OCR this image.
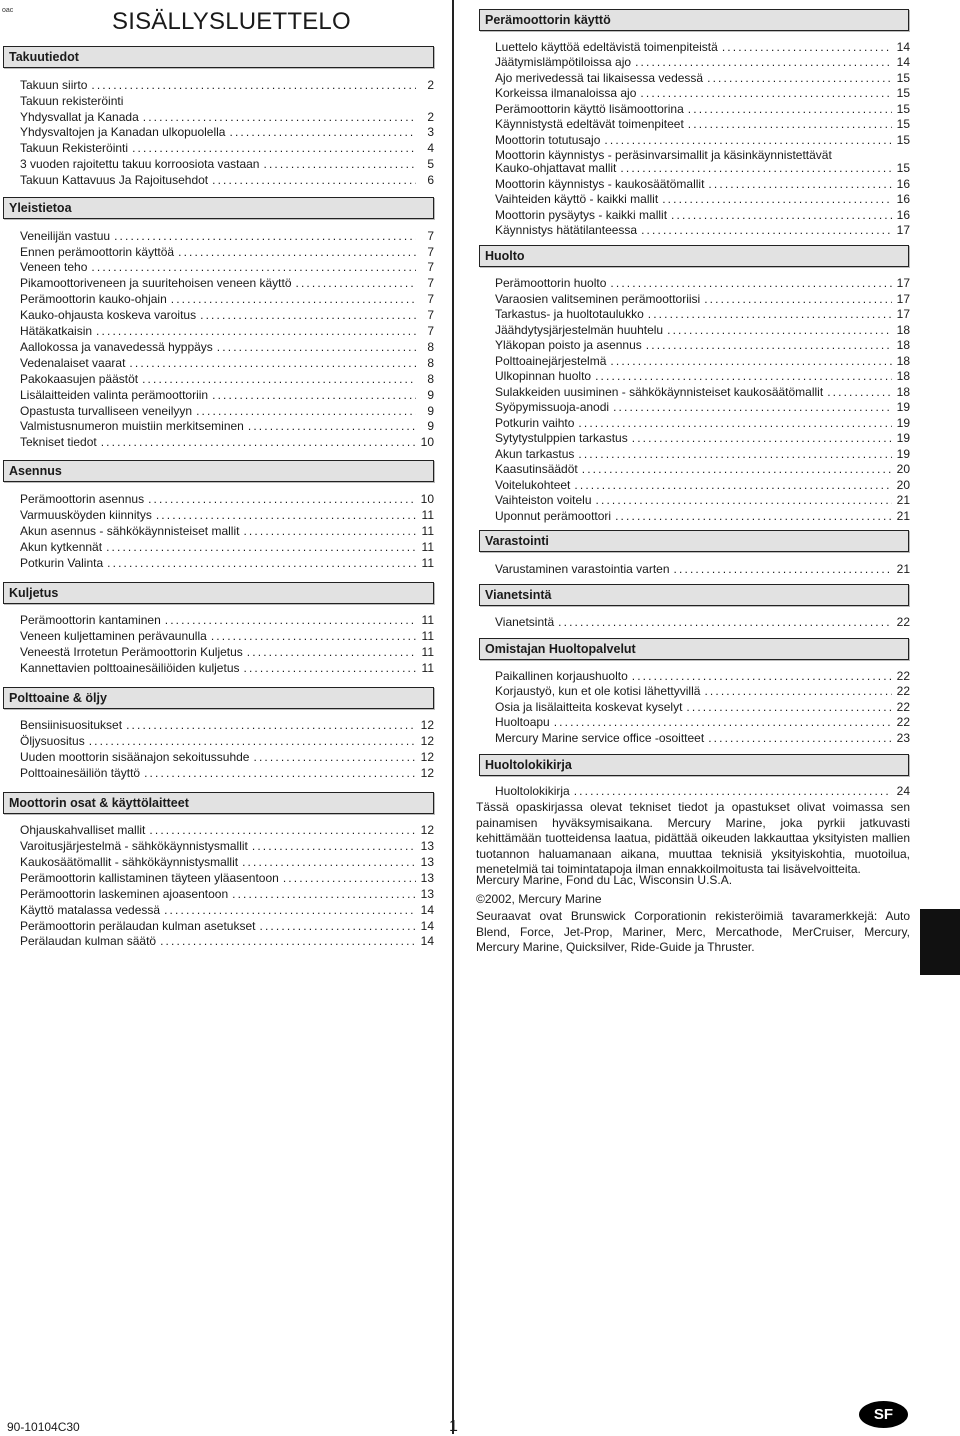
oac	SISÄLLYSLUETTELO
Takuutiedot
Takuun siirto . . .	2
Takuun rekisteröinti
Yhdysvallat ja Kanada . . .	2
Yhdysvaltojen ja Kanadan ulkopuolella . . .	3
Takuun Rekisteröinti . . .	4
3 vuoden rajoitettu takuu korroosiota vastaan . . .	5
Takuun Kattavuus Ja Rajoitusehdot . . .	6
Yleistietoa
Veneilijän vastuu . . .	7
Ennen perämoottorin käyttöä . . .	7
Veneen teho . . .	7
Pikamoottoriveneen ja suuritehoisen veneen käyttö . . .	7
Perämoottorin kauko-ohjain . . .	7
Kauko-ohjausta koskeva varoitus . . .	7
Hätäkatkaisin . . .	7
Aallokossa ja vanavedessä hyppäys . . .	8
Vedenalaiset vaarat . . .	8
Pakokaasujen päästöt . . .	8
Lisälaitteiden valinta perämoottoriin . . .	9
Opastusta turvalliseen veneilyyn . . .	9
Valmistusnumeron muistiin merkitseminen . . .	9
Tekniset tiedot . . .	10
Asennus
Perämoottorin asennus . . .	10
Varmuusköyden kiinnitys . . .	11
Akun asennus - sähkökäynnisteiset mallit . . .	11
Akun kytkennät . . .	11
Potkurin Valinta . . .	11
Kuljetus
Perämoottorin kantaminen . . .	11
Veneen kuljettaminen perävaunulla . . .	11
Veneestä Irrotetun Perämoottorin Kuljetus . . .	11
Kannettavien polttoainesäiliöiden kuljetus . . .	11
Polttoaine & öljy
Bensiinisuositukset . . .	12
Öljysuositus . . .	12
Uuden moottorin sisäänajon sekoitussuhde . . .	12
Polttoainesäiliön täyttö . . .	12
Moottorin osat & käyttölaitteet
Ohjauskahvalliset mallit . . .	12
Varoitusjärjestelmä - sähkökäynnistysmallit . . .	13
Kaukosäätömallit - sähkökäynnistysmallit . . .	13
Perämoottorin kallistaminen täyteen yläasentoon . . .	13
Perämoottorin laskeminen ajoasentoon . . .	13
Käyttö matalassa vedessä . . .	14
Perämoottorin perälaudan kulman asetukset . . .	14
Perälaudan kulman säätö . . .	14
Perämoottorin käyttö
Luettelo käyttöä edeltävistä toimenpiteistä . . .	14
Jäätymislämpötiloissa ajo . . .	14
Ajo merivedessä tai likaisessa vedessä . . .	15
Korkeissa ilmanaloissa ajo . . .	15
Perämoottorin käyttö lisämoottorina . . .	15
Käynnistystä edeltävät toimenpiteet . . .	15
Moottorin totutusajo . . .	15
Moottorin käynnistys - peräsinvarsimallit ja käsinkäynnistettävät
Kauko-ohjattavat mallit . . .	15
Moottorin käynnistys - kaukosäätömallit . . .	16
Vaihteiden käyttö - kaikki mallit . . .	16
Moottorin pysäytys - kaikki mallit . . .	16
Käynnistys hätätilanteessa . . .	17
Huolto
Perämoottorin huolto . . .	17
Varaosien valitseminen perämoottoriisi . . .	17
Tarkastus- ja huoltotaulukko . . .	17
Jäähdytysjärjestelmän huuhtelu . . .	18
Yläkopan poisto ja asennus . . .	18
Polttoainejärjestelmä . . .	18
Ulkopinnan huolto . . .	18
Sulakkeiden uusiminen - sähkökäynnisteiset kaukosäätömallit . . .	18
Syöpymissuoja-anodi . . .	19
Potkurin vaihto . . .	19
Sytytystulppien tarkastus . . .	19
Akun tarkastus . . .	19
Kaasutinsäädöt . . .	20
Voitelukohteet . . .	20
Vaihteiston voitelu . . .	21
Uponnut perämoottori . . .	21
Varastointi
Varustaminen varastointia varten . . .	21
Vianetsintä
Vianetsintä . . .	22
Omistajan Huoltopalvelut
Paikallinen korjaushuolto . . .	22
Korjaustyö, kun et ole kotisi lähettyvillä . . .	22
Osia ja lisälaitteita koskevat kyselyt . . .	22
Huoltoapu . . .	22
Mercury Marine service office -osoitteet . . .	23
Huoltolokikirja
Huoltolokikirja . . .	24

Tässä opaskirjassa olevat tekniset tiedot ja opastukset olivat voimassa sen painamisen hyväksymisaikana. Mercury Marine, joka pyrkii jatkuvasti kehittämään tuotteidensa laatua, pidättää oikeuden lakkauttaa yksityisten mallien tuotannon haluamanaan aikana, muuttaa teknisiä yksityiskohtia, muotoilua, menetelmiä tai toimintatapoja ilman ennakkoilmoitusta tai lisävelvoitteita.

Mercury Marine, Fond du Lac, Wisconsin U.S.A.

©2002, Mercury Marine

Seuraavat ovat Brunswick Corporationin rekisteröimiä tavaramerkkejä: Auto Blend, Force, Jet-Prop, Mariner, Merc, Mercathode, MerCruiser, Mercury, Mercury Marine, Quicksilver, Ride-Guide ja Thruster.

90-10104C30	1
SF
